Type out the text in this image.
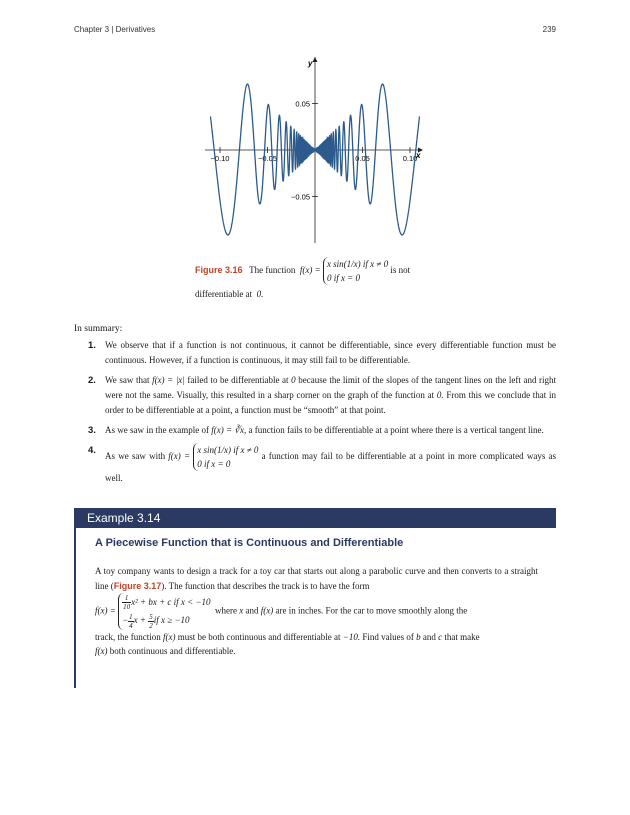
Chapter 3 | Derivatives	239
x
y
−0.10	−0.05	0.05	0.10
0.05
−0.05
Figure 3.16 The function f(x) = x sin(1/x) if x ≠ 0
0 if x = 0 is not
differentiable at 0.
In summary:
1. We observe that if a function is not continuous, it cannot be differentiable, since every differentiable function must be continuous. However, if a function is continuous, it may still fail to be differentiable.
2. We saw that f(x) = |x| failed to be differentiable at 0 because the limit of the slopes of the tangent lines on the left and right were not the same. Visually, this resulted in a sharp corner on the graph of the function at 0. From this we conclude that in order to be differentiable at a point, a function must be “smooth” at that point.
3. As we saw in the example of f(x) = ∛x, a function fails to be differentiable at a point where there is a vertical tangent line.
4.
As we saw with f(x) = x sin(1/x) if x ≠ 0
0 if x = 0 a function may fail to be differentiable at a point in more complicated ways as well.
Example 3.14
A Piecewise Function that is Continuous and Differentiable
A toy company wants to design a track for a toy car that starts out along a parabolic curve and then converts to a straight line (Figure 3.17). The function that describes the track is to have the form
$f(x) = \frac{1}{10} x^2$ + bx + c if x < −10
− $\frac{1}{4}$ $x + \frac{5}{2}$ if x ≥ −10  where x and f(x) are in inches. For the car to move smoothly along the
track, the function f(x) must be both continuous and differentiable at −10. Find values of b and c that make
f(x) both continuous and differentiable.
